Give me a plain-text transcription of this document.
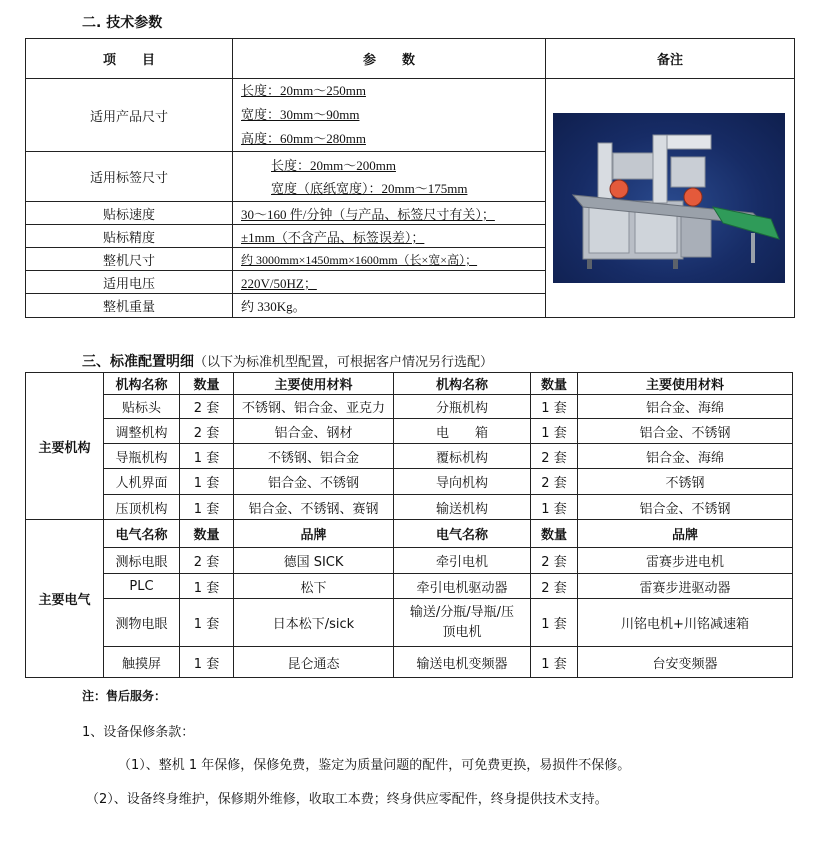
二. 技术参数
项　　目	参　　数	备注
适用产品尺寸	长度：20mm～250mm
宽度：30mm～90mm
高度：60mm～280mm	

适用标签尺寸	长度：20mm～200mm
宽度（底纸宽度）：20mm～175mm	

贴标速度	30～160 件/分钟（与产品、标签尺寸有关）；	
贴标精度	±1mm（不含产品、标签误差）；	
整机尺寸	约 3000mm×1450mm×1600mm（长×宽×高）；	
适用电压	220V/50HZ；	
整机重量	约 330Kg。	
三、标准配置明细（以下为标准机型配置，可根据客户情况另行选配）
主要机构	机构名称	数量	主要使用材料	机构名称	数量	主要使用材料
	贴标头	2 套	不锈钢、铝合金、亚克力	分瓶机构	1 套	铝合金、海绵
	调整机构	2 套	铝合金、钢材	电　　箱	1 套	铝合金、不锈钢
	导瓶机构	1 套	不锈钢、铝合金	覆标机构	2 套	铝合金、海绵
	人机界面	1 套	铝合金、不锈钢	导向机构	2 套	不锈钢
	压顶机构	1 套	铝合金、不锈钢、赛钢	输送机构	1 套	铝合金、不锈钢
主要电气	电气名称	数量	品牌	电气名称	数量	品牌
	测标电眼	2 套	德国 SICK	牵引电机	2 套	雷赛步进电机
	PLC	1 套	松下	牵引电机驱动器	2 套	雷赛步进驱动器
	测物电眼	1 套	日本松下/sick	输送/分瓶/导瓶/压顶电机	1 套	川铭电机+川铭减速箱
	触摸屏	1 套	昆仑通态	输送电机变频器	1 套	台安变频器
注：售后服务：
1、设备保修条款：
（1）、整机 1 年保修，保修免费，鉴定为质量问题的配件，可免费更换，易损件不保修。
（2）、设备终身维护，保修期外维修，收取工本费；终身供应零配件，终身提供技术支持。
